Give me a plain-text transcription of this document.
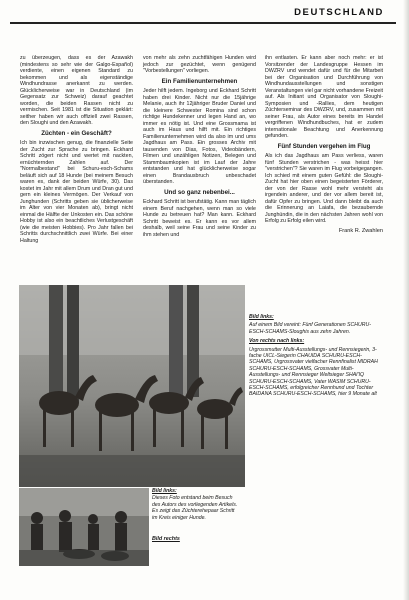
DEUTSCHLAND

zu überzeugen, dass es der Azawakh (mindestens so sehr wie der Galgo-Español) verdiente, einen eigenen Standard zu bekommen und als eigenständige Windhundrasse anerkannt zu werden. Glücklicherweise war in Deutschland (im Gegensatz zur Schweiz) darauf geachtet worden, die beiden Rassen nicht zu vermischen. Seit 1981 ist die Situation geklärt: seither haben wir auch offiziell zwei Rassen, den Sloughi und den Azawakh.

Züchten - ein Geschäft?

Ich bin inzwischen genug, die finanzielle Seite der Zucht zur Sprache zu bringen. Eckhard Schritt zögert nicht und wertet mit nackten, ernüchternden Zahlen auf. Der "Normalbestand" bei Schuru-esch-Schams beläuft sich auf 18 Hunde (bei meinem Besuch waren es, dank der beiden Würfe, 30). Das kostet im Jahr mit allem Drum und Dran gut und gern ein kleines Vermögen. Der Verkauf von Junghunden (Schritts geben sie üblicherweise im Alter von vier Monaten ab), bringt nicht einmal die Hälfte der Unkosten ein. Das schöne Hobby ist also ein beachtliches Verlustgeschäft (wie die meisten Hobbies). Pro Jahr fallen bei Schritts durchschnittlich zwei Würfe. Bei einer Haltung

von mehr als zehn zuchtfähigen Hunden wird jedoch zur gezüchtet, wenn genügend "Vorbestellungen" vorliegen.

Ein Familienunternehmen

Jeder hilft jedem. Ingeborg und Eckhard Schritt haben drei Kinder. Nicht nur die 15jährige Melanie, auch ihr 12jähriger Bruder Daniel und die kleinere Schwester Romina sind schon richtige Hundekenner und legen Hand an, wo immer es nötig ist. Und eine Grossmama ist auch im Haus und hilft mit. Ein richtiges Familienunternehmen wird da also im und ums Jagdhaus am Pass. Ein grosses Archiv mit tausenden von Dias, Fotos, Videobändern, Filmen und unzähligen Notizen, Belegen und Stammbaumkopien ist im Lauf der Jahre entstanden und hat glücklicherweise sogar einen Brandausbruch unbeschadet überstanden.

Und so ganz nebenbei...

Eckhard Schritt ist berufstätig. Kann man täglich einem Beruf nachgehen, wenn man so viele Hunde zu betreuen hat? Man kann. Eckhard Schritt beweist es. Er kann es vor allem deshalb, weil seine Frau und seine Kinder zu ihm stehen und

ihn entlasten. Er kann aber noch mehr: er ist Vorsitzender der Landesgruppe Hessen im DWZRV und wendet dafür und für die Mitarbeit bei der Organisation und Durchführung von Windhundausstellungen und sonstigen Veranstaltungen viel gar nicht vorhandene Freizeit auf. Als Initiant und Organisator von Sloughi-Symposien und -Rallies, dem heutigen Züchterseminar des DWZRV, und, zusammen mit seiner Frau, als Autor eines bereits im Handel vergriffenen Windhundbuches, hat er zudem internationale Beachtung und Anerkennung gefunden.

Fünf Stunden vergehen im Flug

Als ich das Jagdhaus am Pass verliess, waren fünf Stunden verstrichen - was heisst hier "verstrichen"? Sie waren im Flug vorbeigegangen. Ich schied mit einem guten Gefühl: die Sloughi-Zucht hat hier oben einen begeisterten Förderer, der von der Rasse wohl mehr versteht als irgendein anderer, und der vor allem bereit ist, dafür Opfer zu bringen. Und dann bleibt da auch die Erinnerung an Laiafa, die bezaubernde Junghündin, die in den nächsten Jahren wohl von Erfolg zu Erfolg eilen wird.

Frank R. Zwahlen

Bild links:

Auf einem Bild vereint: Fünf Generationen SCHURU-ESCH-SCHAMS-Sloughis aus zehn Jahren.

Von rechts nach links:

Urgrossmutter Multi-Ausstellungs- und Rennsiegerin, 3-fache UICL-Siegerin CHAUIDA SCHURU-ESCH-SCHAMS, Urgrossvater vielfacher Rennfinalist MIDRAH SCHURU-ESCH-SCHAMS, Grossvater Multi-Ausstellungs- und Rennsieger Weltsieger SHAI'IQ SCHURU-ESCH-SCHAMS, Vater WASIM SCHURU-ESCH-SCHAMS, erfolgreicher Rennhund und Tochter BAIDANA SCHURU-ESCH-SCHAMS, hier 9 Monate alt

Bild links:

Dieses Foto entstand beim Besuch des Autors des vorliegenden Artikels. Es zeigt das Züchterehepaar Schritt im Kreis einiger Hunde.

Bild rechts
